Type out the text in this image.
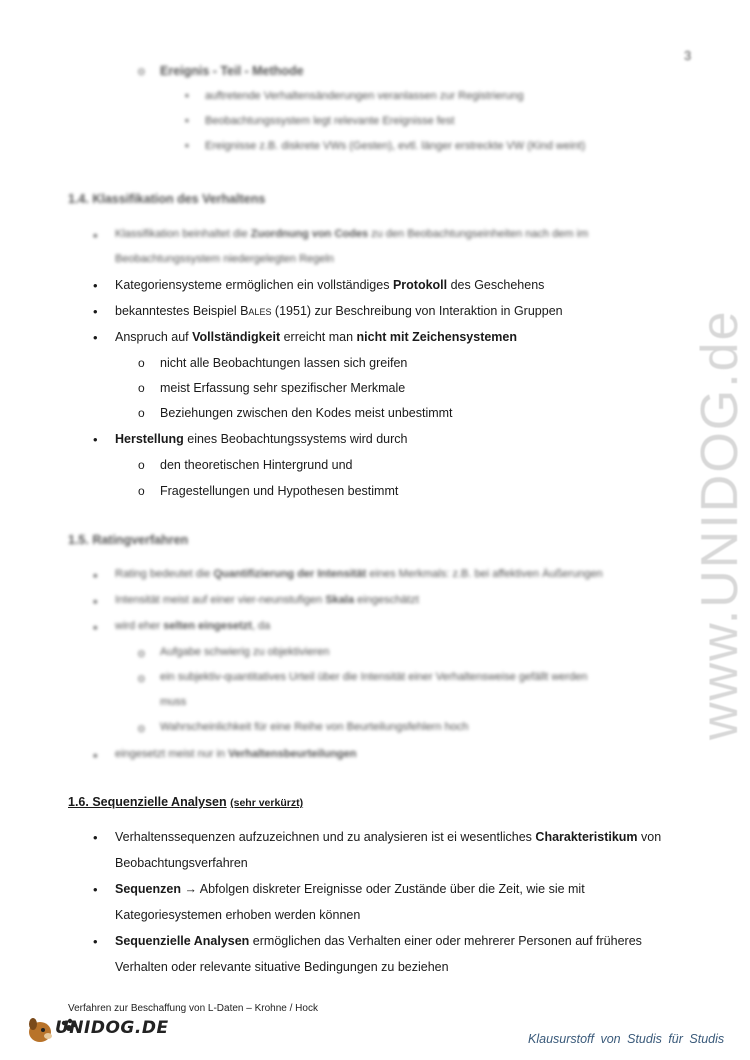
3
www.UNIDOG.de
o Ereignis - Teil - Methode
▪ auftretende Verhaltensänderungen veranlassen zur Registrierung
▪ Beobachtungssystem legt relevante Ereignisse fest
▪ Ereignisse z.B. diskrete VWs (Gesten), evtl. länger erstreckte VW (Kind weint)
1.4. Klassifikation des Verhaltens
• Klassifikation beinhaltet die Zuordnung von Codes zu den Beobachtungseinheiten nach dem im
Beobachtungssystem niedergelegten Regeln
• Kategoriensysteme ermöglichen ein vollständiges Protokoll des Geschehens
• bekanntestes Beispiel Bales (1951) zur Beschreibung von Interaktion in Gruppen
• Anspruch auf Vollständigkeit erreicht man nicht mit Zeichensystemen
o nicht alle Beobachtungen lassen sich greifen
o meist Erfassung sehr spezifischer Merkmale
o Beziehungen zwischen den Kodes meist unbestimmt
• Herstellung eines Beobachtungssystems wird durch
o den theoretischen Hintergrund und
o Fragestellungen und Hypothesen bestimmt
1.5. Ratingverfahren
• Rating bedeutet die Quantifizierung der Intensität eines Merkmals: z.B. bei affektiven Äußerungen
• Intensität meist auf einer vier-neunstufigen Skala eingeschätzt
• wird eher selten eingesetzt, da
o Aufgabe schwierig zu objektivieren
o ein subjektiv-quantitatives Urteil über die Intensität einer Verhaltensweise gefällt werden
muss
o Wahrscheinlichkeit für eine Reihe von Beurteilungsfehlern hoch
• eingesetzt meist nur in Verhaltensbeurteilungen
1.6. Sequenzielle Analysen (sehr verkürzt)
• Verhaltenssequenzen aufzuzeichnen und zu analysieren ist ei wesentliches Charakteristikum von
Beobachtungsverfahren
• Sequenzen → Abfolgen diskreter Ereignisse oder Zustände über die Zeit, wie sie mit
Kategoriesystemen erhoben werden können
• Sequenzielle Analysen ermöglichen das Verhalten einer oder mehrerer Personen auf früheres
Verhalten oder relevante situative Bedingungen zu beziehen
Verfahren zur Beschaffung von L-Daten – Krohne / Hock
UNIDOG.DE
Klausurstoff von Studis für Studis
